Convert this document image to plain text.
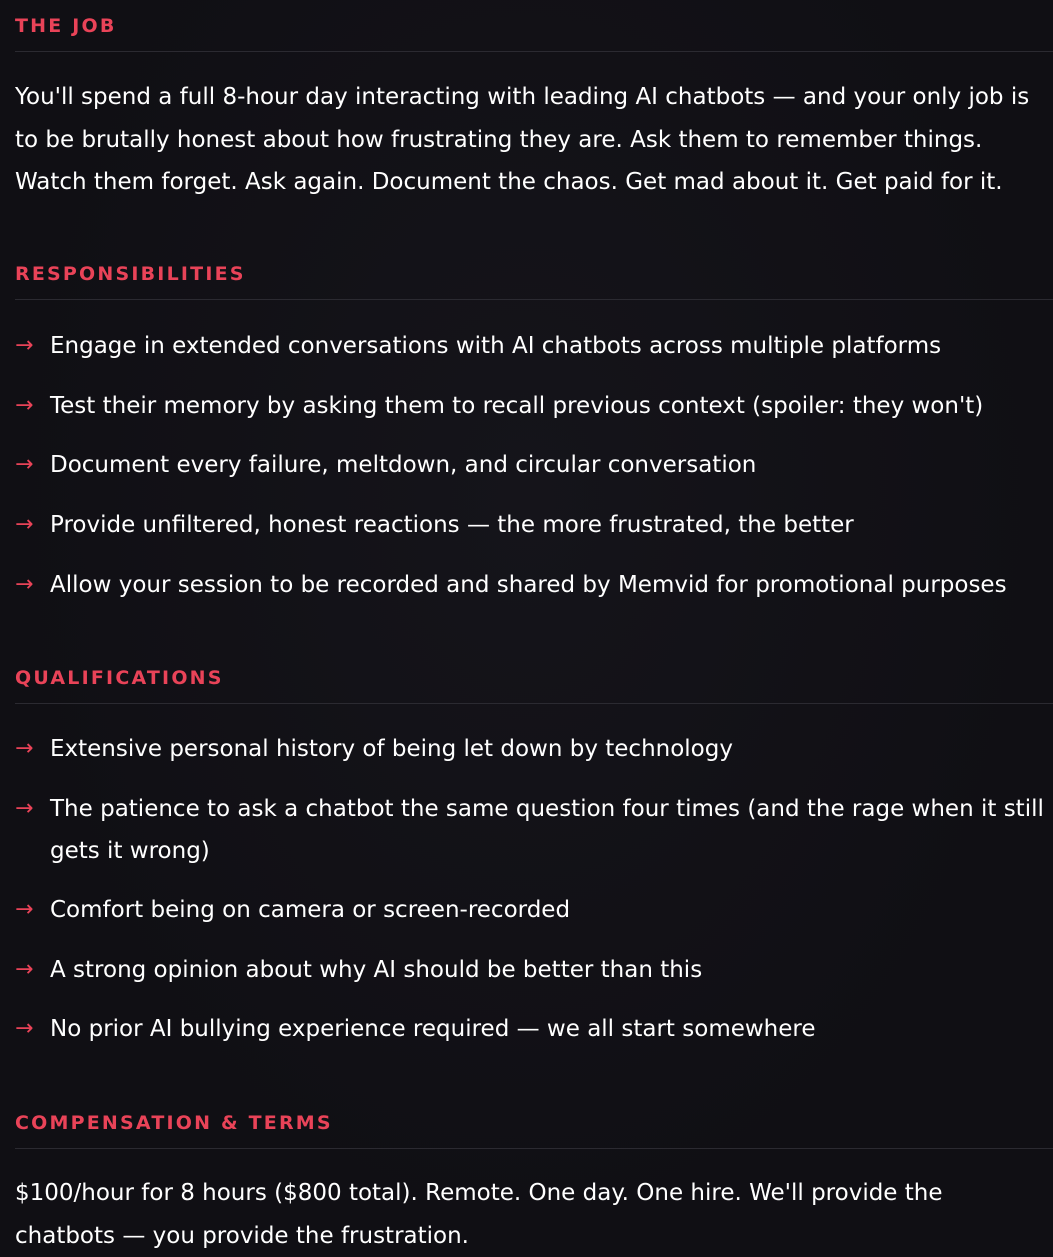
THE JOB

You'll spend a full 8-hour day interacting with leading AI chatbots — and your only job is to be brutally honest about how frustrating they are. Ask them to remember things. Watch them forget. Ask again. Document the chaos. Get mad about it. Get paid for it.

RESPONSIBILITIES
→ Engage in extended conversations with AI chatbots across multiple platforms
→ Test their memory by asking them to recall previous context (spoiler: they won't)
→ Document every failure, meltdown, and circular conversation
→ Provide unfiltered, honest reactions — the more frustrated, the better
→ Allow your session to be recorded and shared by Memvid for promotional purposes
QUALIFICATIONS
→ Extensive personal history of being let down by technology
→ The patience to ask a chatbot the same question four times (and the rage when it still gets it wrong)
→ Comfort being on camera or screen-recorded
→ A strong opinion about why AI should be better than this
→ No prior AI bullying experience required — we all start somewhere
COMPENSATION & TERMS

$100/hour for 8 hours ($800 total). Remote. One day. One hire. We'll provide the chatbots — you provide the frustration.
